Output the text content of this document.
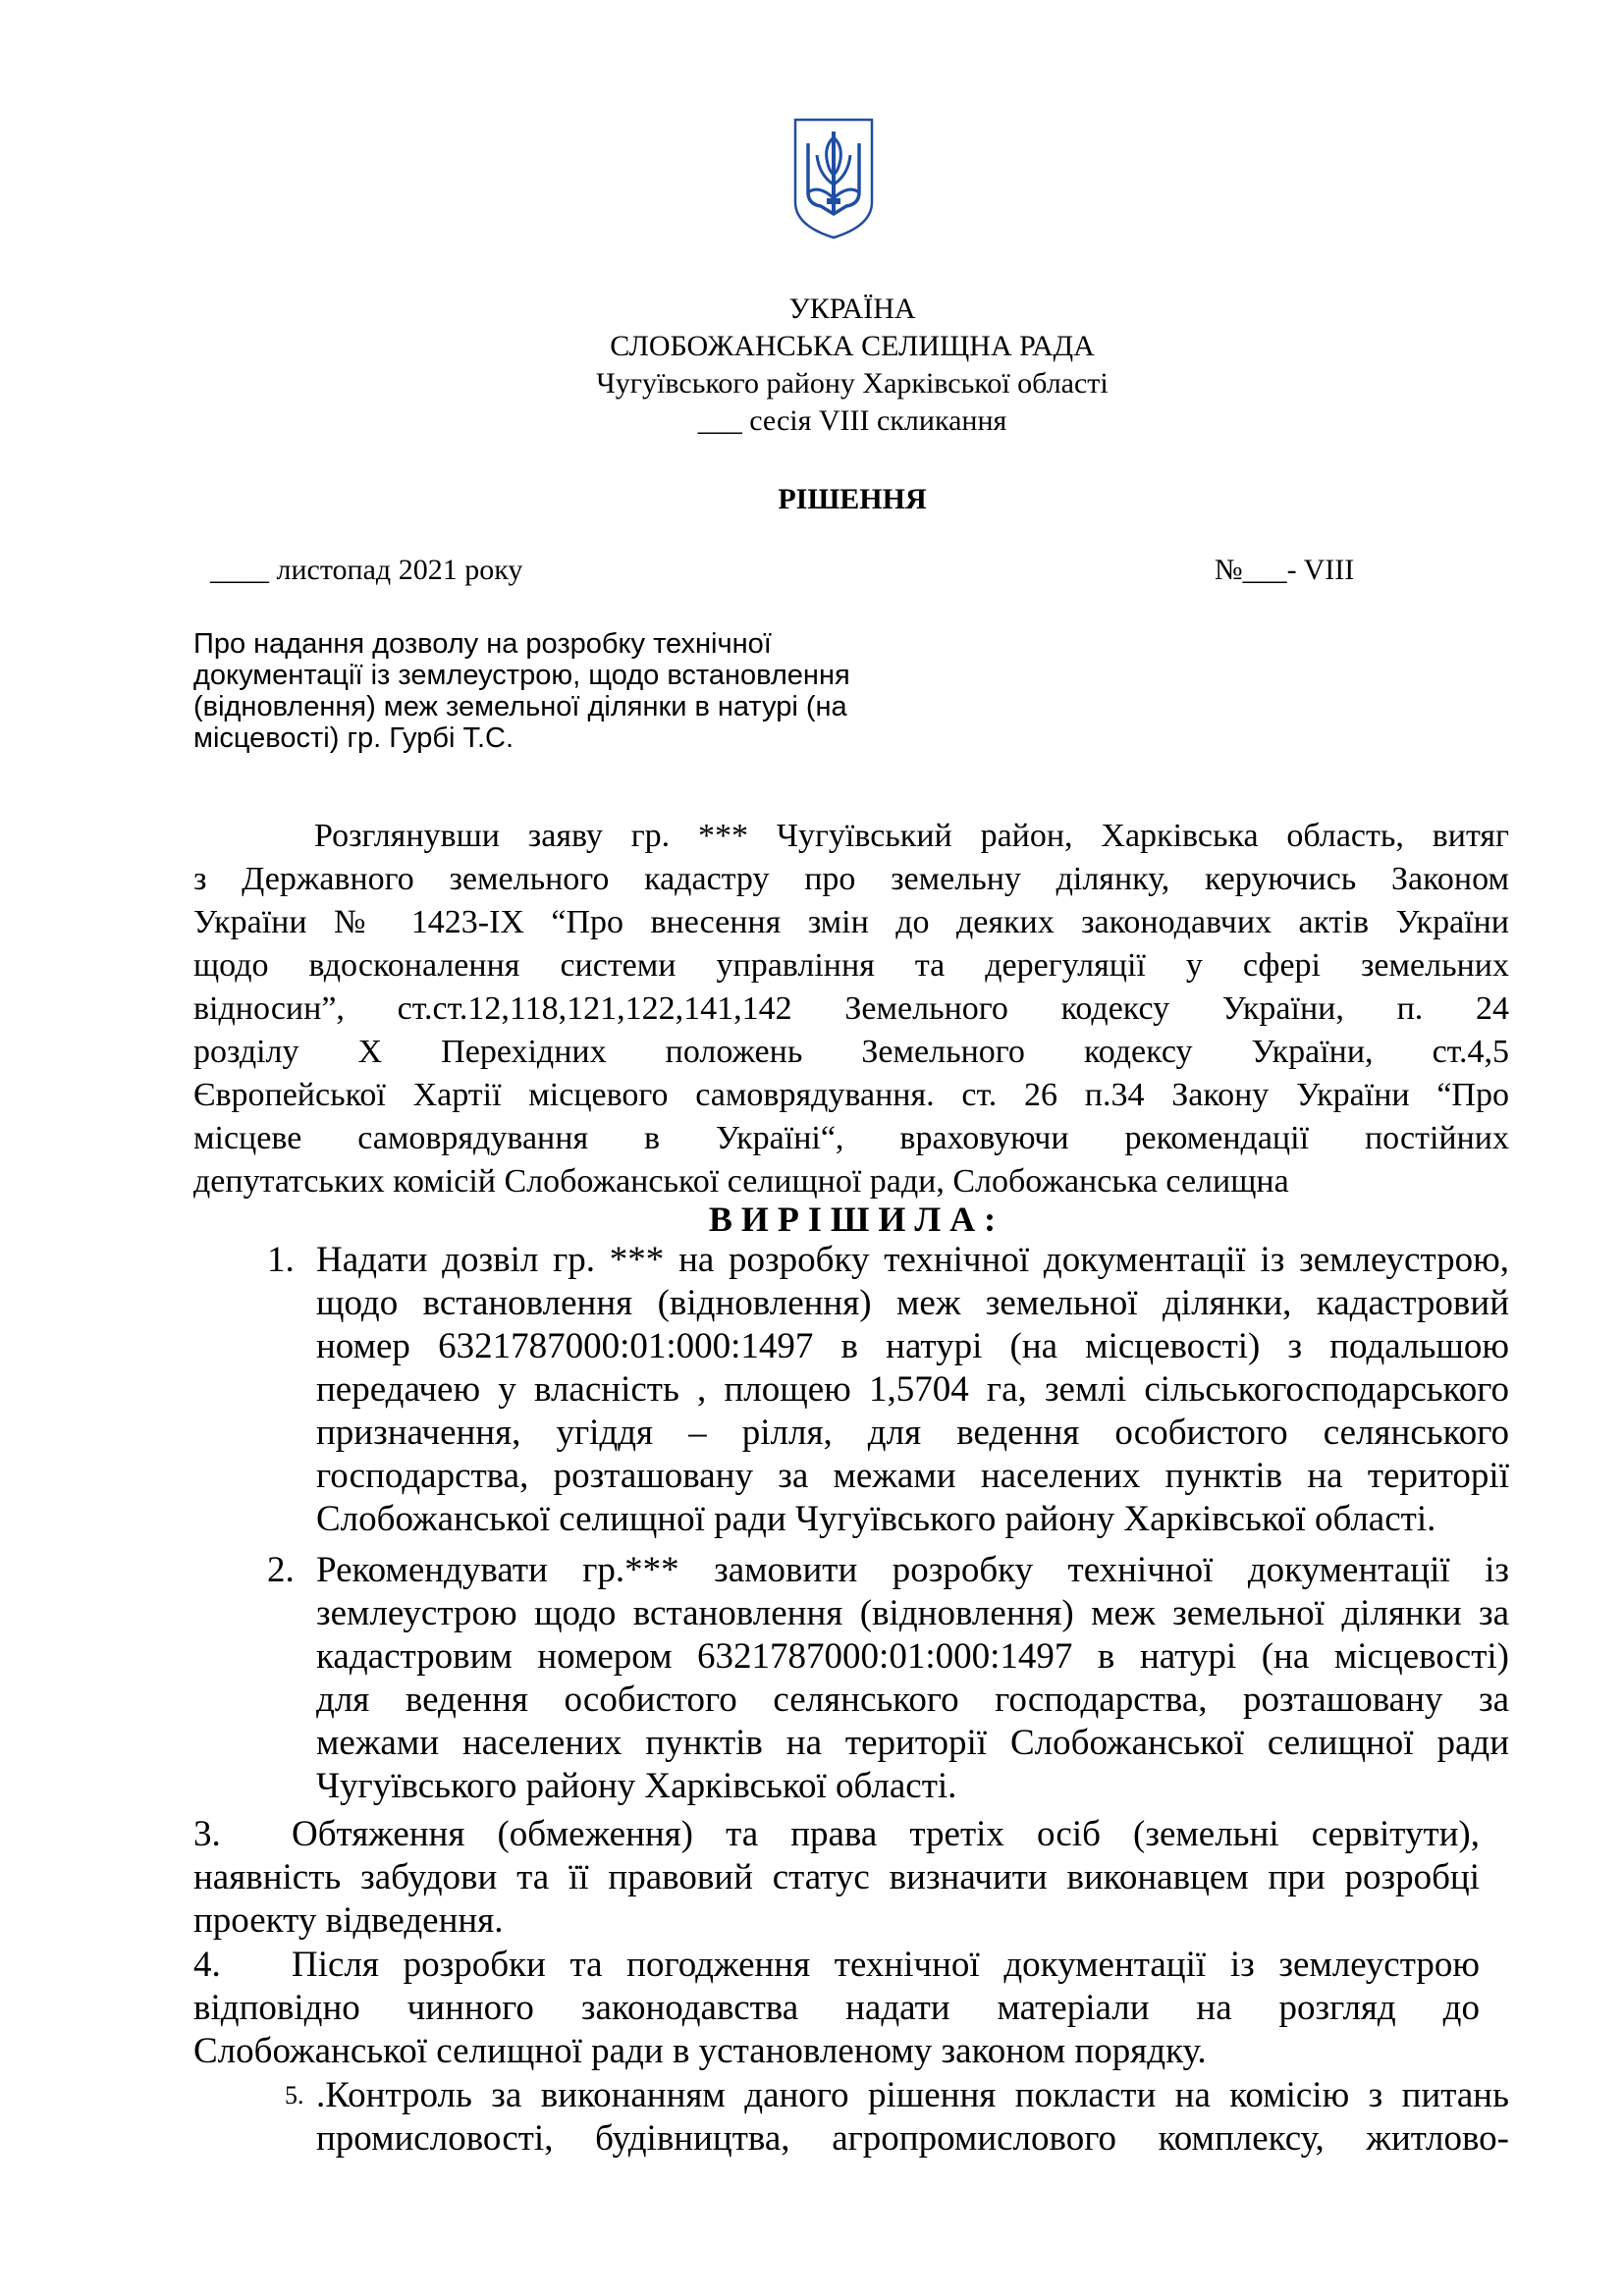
УКРАЇНА
СЛОБОЖАНСЬКА СЕЛИЩНА РАДА
Чугуївського району Харківської області
___ сесія VIII скликання
РІШЕННЯ
____ листопад 2021 року	№___- VIII
Про надання дозволу на розробку технічної
документації із землеустрою, щодо встановлення
(відновлення) меж земельної ділянки в натурі (на
місцевості) гр. Гурбі Т.С.
Розглянувши заяву гр. *** Чугуївський район, Харківська область, витяг
з Державного земельного кадастру про земельну ділянку, керуючись Законом
України № 1423-IX “Про внесення змін до деяких законодавчих актів України
щодо вдосконалення системи управління та дерегуляції у сфері земельних
відносин”, ст.ст.12,118,121,122,141,142 Земельного кодексу України, п. 24
розділу Х Перехідних положень Земельного кодексу України, ст.4,5
Європейської Хартії місцевого самоврядування. ст. 26 п.34 Закону України “Про
місцеве самоврядування в Україні“, враховуючи рекомендації постійних
депутатських комісій Слобожанської селищної ради, Слобожанська селищна
В И Р І Ш И Л А :
1. Надати дозвіл гр. *** на розробку технічної документації із землеустрою,
щодо встановлення (відновлення) меж земельної ділянки, кадастровий
номер 6321787000:01:000:1497 в натурі (на місцевості) з подальшою
передачею у власність , площею 1,5704 га, землі сільськогосподарського
призначення, угіддя – рілля, для ведення особистого селянського
господарства, розташовану за межами населених пунктів на території
Слобожанської селищної ради Чугуївського району Харківської області.
2. Рекомендувати гр.*** замовити розробку технічної документації із
землеустрою щодо встановлення (відновлення) меж земельної ділянки за
кадастровим номером 6321787000:01:000:1497 в натурі (на місцевості)
для ведення особистого селянського господарства, розташовану за
межами населених пунктів на території Слобожанської селищної ради
Чугуївського району Харківської області.
3.	Обтяження (обмеження) та права третіх осіб (земельні сервітути),
наявність забудови та її правовий статус визначити виконавцем при розробці
проекту відведення.
4.	Після розробки та погодження технічної документації із землеустрою
відповідно чинного законодавства надати матеріали на розгляд до
Слобожанської селищної ради в установленому законом порядку.
5. .Контроль за виконанням даного рішення покласти на комісію з питань
промисловості, будівництва, агропромислового комплексу, житлово-
